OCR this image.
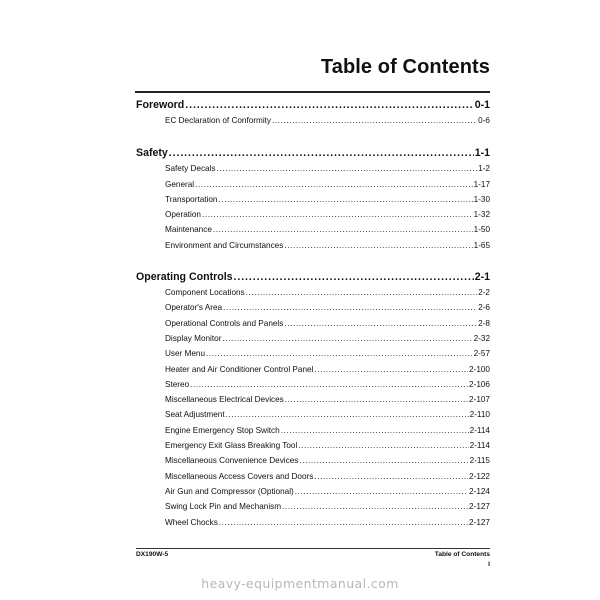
Table of Contents
Foreword .....	0-1
EC Declaration of Conformity .....	0-6
Safety .....	1-1
Safety Decals .....	1-2
General .....	1-17
Transportation .....	1-30
Operation .....	1-32
Maintenance .....	1-50
Environment and Circumstances .....	1-65
Operating Controls .....	2-1
Component Locations .....	2-2
Operator's Area .....	2-6
Operational Controls and Panels .....	2-8
Display Monitor .....	2-32
User Menu .....	2-57
Heater and Air Conditioner Control Panel .....	2-100
Stereo .....	2-106
Miscellaneous Electrical Devices .....	2-107
Seat Adjustment .....	2-110
Engine Emergency Stop Switch .....	2-114
Emergency Exit Glass Breaking Tool .....	2-114
Miscellaneous Convenience Devices .....	2-115
Miscellaneous Access Covers and Doors .....	2-122
Air Gun and Compressor (Optional) .....	2-124
Swing Lock Pin and Mechanism .....	2-127
Wheel Chocks .....	2-127
DX190W-5	Table of Contents
I
heavy-equipmentmanual.com
